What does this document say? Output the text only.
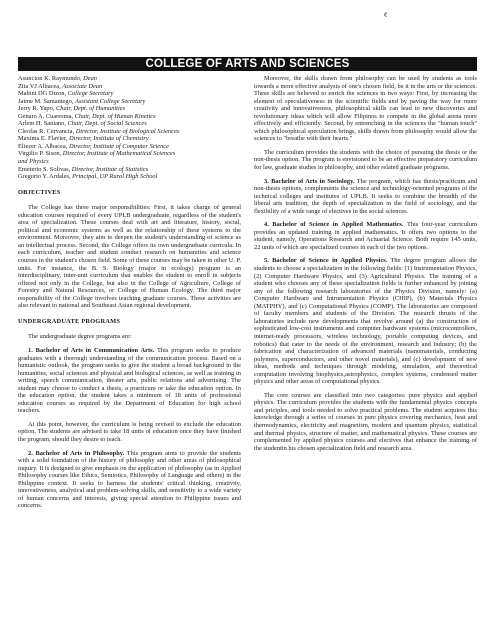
¢
COLLEGE OF ARTS AND SCIENCES
Asuncion K. Raymundo, Dean
Zita VJ Albacea, Associate Dean
Mabini DG Dizon, College Secretary
Jaime M. Samaniego, Assistant College Secretary
Jerry R. Yapo, Chair, Dept. of Humanities
Genaro A. Cuaresma, Chair, Dept. of Human Kinetics
Arlem H. Saniano, Chair, Dept. of Social Sciences
Cleofas R. Cervancia, Director, Institute of Biological Sciences
Maxima E. Flavier, Director, Institute of Chemistry
Eliezer A. Albacea, Director, Institute of Computer Science
Virgilio P. Sison, Director, Institute of Mathematical Sciences
and Physics
Emeterio S. Solivas, Director, Institute of Statistics
Gregorio Y. Ardales, Principal, UP Rural High School
OBJECTIVES

The College has three major responsibilities: First, it takes charge of general education courses required of every UPLB undergraduate, regardless of the student's area of specialization. These courses deal with art and literature, history, social, political and economic systems as well as the relationship of these systems to the environment. Moreover, they aim to deepen the student's understanding of science as an intellectual process. Second, the College offers its own undergraduate curricula. In each curriculum, teacher and student conduct research on humanities and science courses in the student's chosen field. Some of these courses may be taken in other U. P. units. For instance, the B. S. Biology (major in ecology) program is an interdisciplinary, inter-unit curriculum that enables the student to enroll in subjects offered not only in the College, but also in the College of Agriculture, College of Forestry and Natural Resources, or College of Human Ecology. The third major responsibility of the College involves teaching graduate courses. These activities are also relevant to national and Southeast Asian regional development.

UNDERGRADUATE PROGRAMS

The undergraduate degree programs are:

1. Bachelor of Arts in Communication Arts. This program seeks to produce graduates with a thorough understanding of the communication process. Based on a humanistic outlook, the program seeks to give the student a broad background in the humanities, social sciences and physical and biological sciences, as well as training in writing, speech communication, theater arts, public relations and advertising. The student may choose to conduct a thesis, a practicum or take the education option. In the education option, the student takes a minimum of 18 units of professional education courses as required by the Department of Education for high school teachers.

At this point, however, the curriculum is being revised to exclude the education option. The students are advised to take 18 units of education once they have finished the program, should they desire to teach.

2. Bachelor of Arts in Philosophy. This program aims to provide the students with a solid foundation of the history of philosophy and other areas of philosophical inquiry. It is designed to give emphasis on the application of philosophy (as in Applied Philosophy courses like Ethics, Semiotics, Philosophy of Language and others) in the Philippine context. It seeks to harness the students' critical thinking, creativity, innovativeness, analytical and problem-solving skills, and sensitivity to a wide variety of human concerns and interests, giving special attention to Philippine issues and concerns.

Moreover, the skills drawn from philosophy can be used by students as tools towards a more effective analysis of one's chosen field, be it in the arts or the sciences. These skills are believed to enrich the sciences in two ways: First, by increasing the element of speculativeness in the scientific fields and by paving the way for more creativity and innovativeness, philosophical skills can lead to new discoveries and revolutionary ideas which will allow Filipinos to compete in the global arena more effectively and efficiently. Second, by entrenching in the sciences the "human touch" which philosophical speculation brings, skills drawn from philosophy would allow the sciences to "breathe with their hearts."

The curriculum provides the students with the choice of pursuing the thesis or the non-thesis option. The program is envisioned to be an effective preparatory curriculum for law, graduate studies in philosophy, and other related graduate programs.

3. Bachelor of Arts in Sociology. The program, which has thesis/practicum and non-thesis options, complements the science and technology-oriented programs of the technical colleges and institutes of UPLB. It seeks to combine the breadth of the liberal arts tradition, the depth of specialization in the field of sociology, and the flexibility of a wide range of electives in the social sciences.

4. Bachelor of Science in Applied Mathematics. This four-year curriculum provides an updated training in applied mathematics. It offers two options to the student, namely, Operations Research and Actuarial Science. Both require 145 units, 22 units of which are specialized courses in each of the two options.

5. Bachelor of Science in Applied Physics. The degree program allows the students to choose a specialization in the following fields: (1) Instrumentation Physics, (2) Computer Hardware Physics, and (3) Agricultural Physics. The training of a student who chooses any of these specialization fields is further enhanced by joining any of the following research laboratories of the Physics Division, namely: (a) Computer Hardware and Intrumentation Physics (CHIP), (b) Materials Physics (MATPHY), and (c) Computational Physics (COMP). The laboratories are composed of faculty members and students of the Division. The research thrusts of the laboratories include new developments that revolve around (a) the construction of sophisticated low-cost instruments and computer hardware systems (microcontrollers, internet-ready processors, wireless technology, portable computing devices, and robotics) that cater to the needs of the environment, research and industry; (b) the fabrication and characterization of advanced materials (nanomaterials, conducting polymers, superconductors, and other novel materials), and (c) development of new ideas, methods and techniques through modeling, simulation, and theoretical computation involving biophysics,astrophysics, complex systems, condensed matter physics and other areas of computational physics.

The core courses are classified into two categories: pure physics and applied physics. The curriculum provides the students with the fundamental physics concepts and priciples, and tools needed to solve practical problems. The student acquires this knowledge through a series of courses in pure physics covering mechanics, heat and thermodynamics, electricity and magnetism, modern and quantum physics, statistical and thermal physics, structure of matter, and mathematical physics. These courses are complemented by applied physics courses and electives that enhance the training of the studentin his chosen specialization field and research area.
